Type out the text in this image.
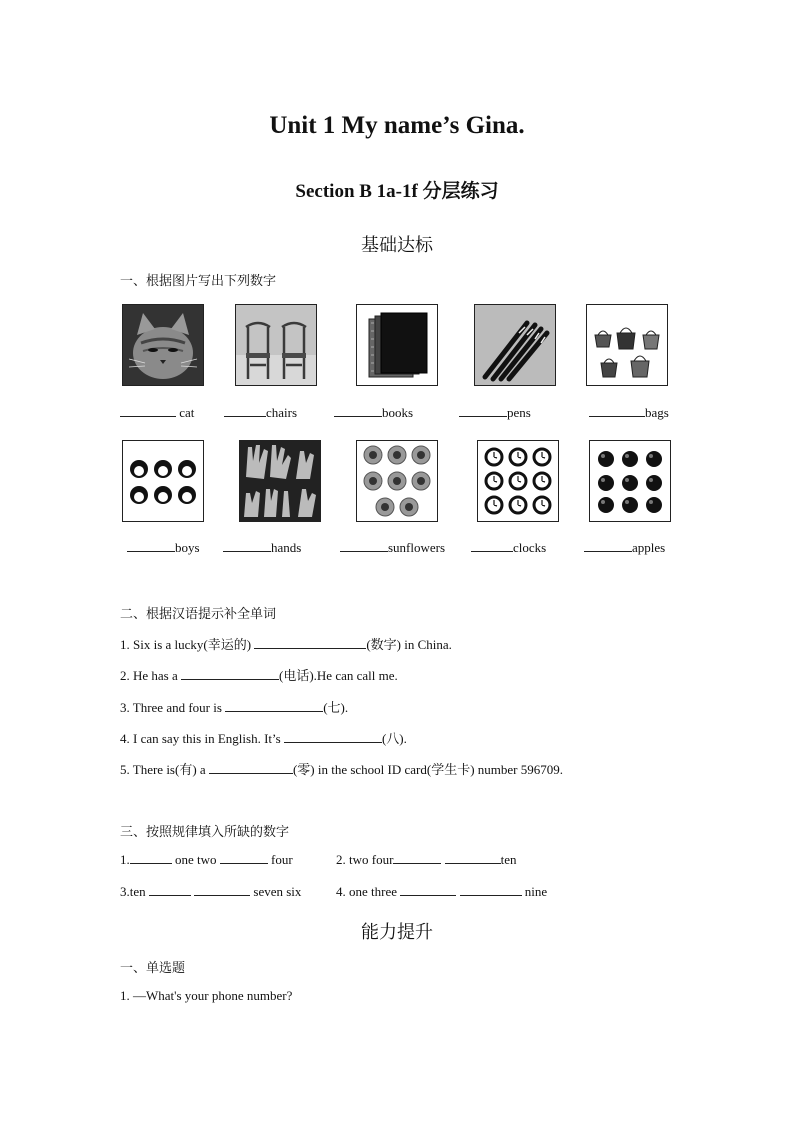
Unit 1 My name’s Gina.
Section B 1a-1f 分层练习
基础达标
一、根据图片写出下列数字
cat	chairs	books	pens	bags
boys	hands	sunflowers	clocks	apples
二、根据汉语提示补全单词
1. Six is a lucky(幸运的)	(数字) in China.
2. He has a	(电话).He can call me.
3. Three and four is	(七).
4. I can say this in English. It’s	(八).
5. There is(有) a	(零) in the school ID card(学生卡) number 596709.
三、按照规律填入所缺的数字
1.	one two	four	2. two four	ten
3.ten	seven six	4. one three	nine
能力提升
一、单选题
1. —What's your phone number?
